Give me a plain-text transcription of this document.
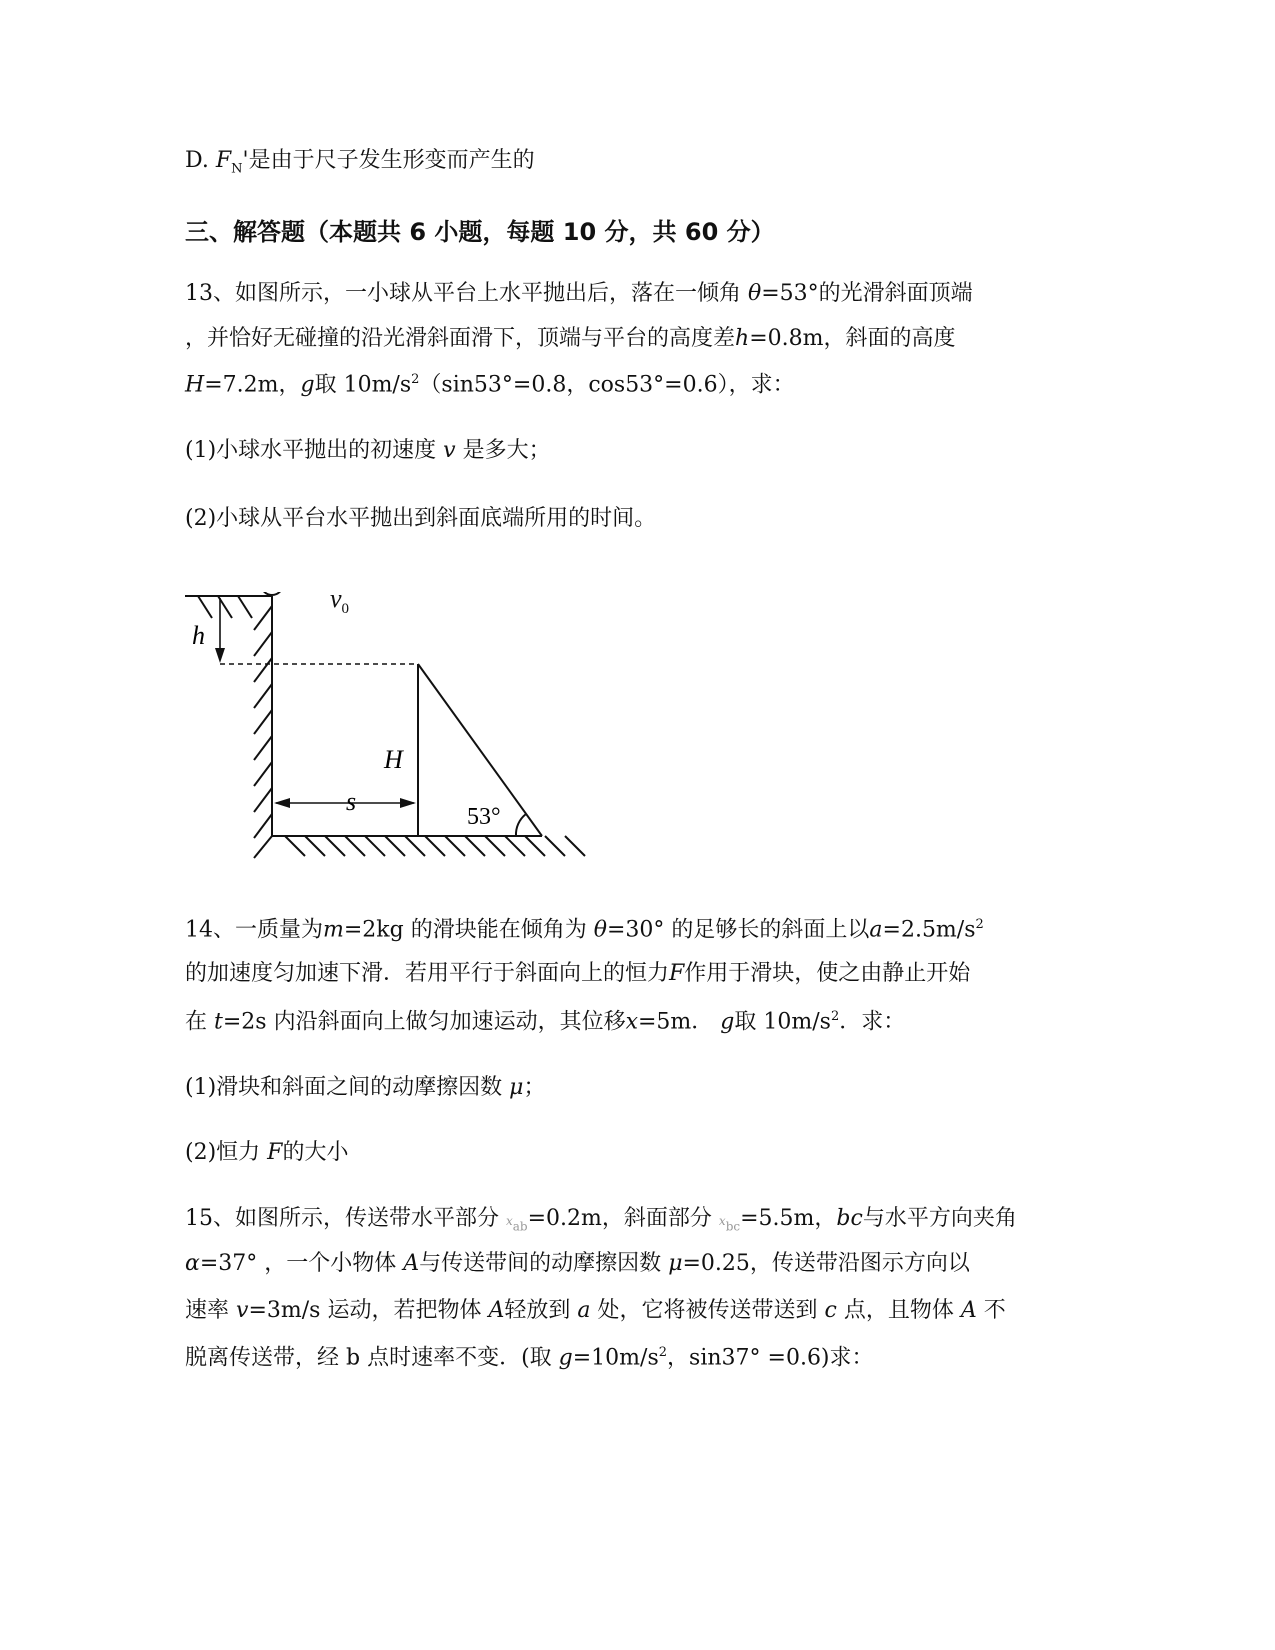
D. $F_N'$是由于尺子发生形变而产生的
三、解答题（本题共 6 小题，每题 10 分，共 60 分）
13、如图所示，一小球从平台上水平抛出后，落在一倾角 θ=53°的光滑斜面顶端
，并恰好无碰撞的沿光滑斜面滑下，顶端与平台的高度差h=0.8m，斜面的高度
H=7.2m，g取 $10m/s^2(\sin 53^\circ=0.8$，cos53°=0.6），求：
(1)小球水平抛出的初速度 v 是多大；
(2)小球从平台水平抛出到斜面底端所用的时间。
h
H
s
53°
$v_0$
14、一质量为m=2kg 的滑块能在倾角为 θ=30° 的足够长的斜面上以$a=2.5m/s^2$
的加速度匀加速下滑．若用平行于斜面向上的恒力F作用于滑块，使之由静止开始
在 t=2s 内沿斜面向上做匀加速运动，其位移x=5m． g取 $10m/s^2$．求：
(1)滑块和斜面之间的动摩擦因数 μ；
(2)恒力 F的大小
15、如图所示，传送带水平部分 $x_{ab}=0.2m$，斜面部分 $x_{bc}=5.5m$，bc与水平方向夹角
α=37° ，一个小物体 A与传送带间的动摩擦因数 μ=0.25，传送带沿图示方向以
速率 v=3m/s 运动，若把物体 A轻放到 a 处，它将被传送带送到 c 点，且物体 A 不
脱离传送带，经 b 点时速率不变．(取 $g=10m/s^2$，sin37° =0.6)求：
